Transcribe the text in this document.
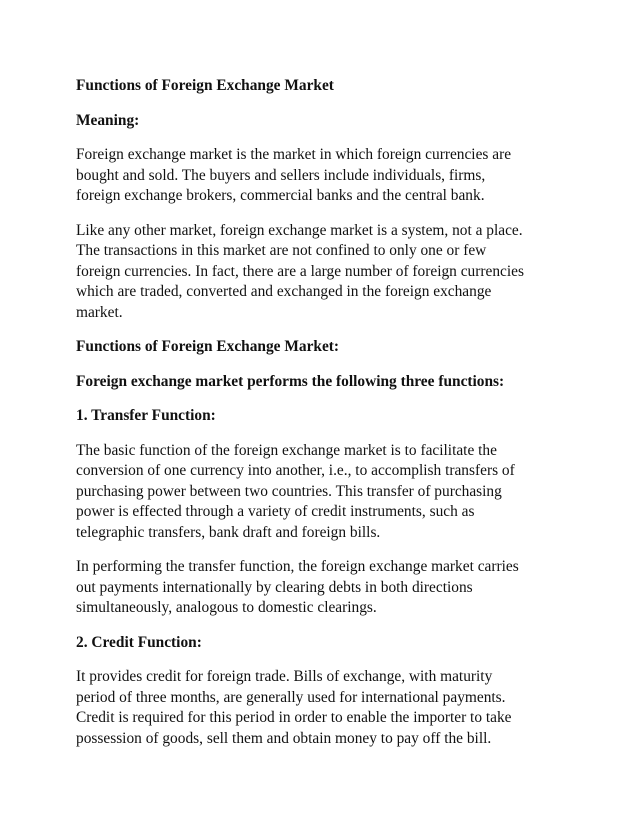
Functions of Foreign Exchange Market
Meaning:
Foreign exchange market is the market in which foreign currencies are
bought and sold. The buyers and sellers include individuals, firms,
foreign exchange brokers, commercial banks and the central bank.
Like any other market, foreign exchange market is a system, not a place.
The transactions in this market are not confined to only one or few
foreign currencies. In fact, there are a large number of foreign currencies
which are traded, converted and exchanged in the foreign exchange
market.
Functions of Foreign Exchange Market:
Foreign exchange market performs the following three functions:
1. Transfer Function:
The basic function of the foreign exchange market is to facilitate the
conversion of one currency into another, i.e., to accomplish transfers of
purchasing power between two countries. This transfer of purchasing
power is effected through a variety of credit instruments, such as
telegraphic transfers, bank draft and foreign bills.
In performing the transfer function, the foreign exchange market carries
out payments internationally by clearing debts in both directions
simultaneously, analogous to domestic clearings.
2. Credit Function:
It provides credit for foreign trade. Bills of exchange, with maturity
period of three months, are generally used for international payments.
Credit is required for this period in order to enable the importer to take
possession of goods, sell them and obtain money to pay off the bill.
